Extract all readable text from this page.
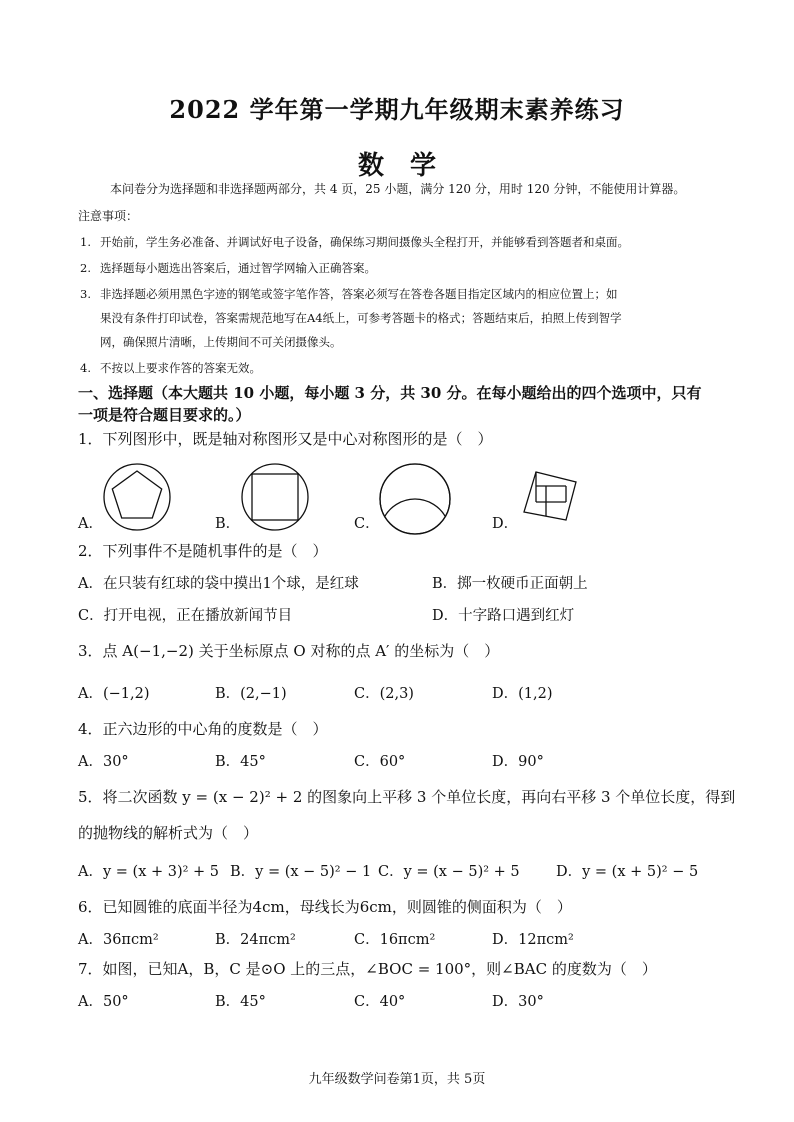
2022 学年第一学期九年级期末素养练习
数学
本问卷分为选择题和非选择题两部分，共 4 页，25 小题，满分 120 分，用时 120 分钟，不能使用计算器。
注意事项：
1. 开始前，学生务必准备、并调试好电子设备，确保练习期间摄像头全程打开，并能够看到答题者和桌面。
2. 选择题每小题选出答案后，通过智学网输入正确答案。
3. 非选择题必须用黑色字迹的钢笔或签字笔作答，答案必须写在答卷各题目指定区域内的相应位置上；如
果没有条件打印试卷，答案需规范地写在A4纸上，可参考答题卡的格式；答题结束后，拍照上传到智学
网，确保照片清晰，上传期间不可关闭摄像头。
4. 不按以上要求作答的答案无效。
一、选择题（本大题共 10 小题，每小题 3 分，共 30 分。在每小题给出的四个选项中，只有
一项是符合题目要求的。）
1．下列图形中，既是轴对称图形又是中心对称图形的是（　）
A．	B．	C．	D．
2．下列事件不是随机事件的是（　）
A．在只装有红球的袋中摸出1个球，是红球	B．掷一枚硬币正面朝上
C．打开电视，正在播放新闻节目	D．十字路口遇到红灯
3．点 A(−1,−2) 关于坐标原点 O 对称的点 A′ 的坐标为（　）
A．(−1,2)	B．(2,−1)	C．(2,3)	D．(1,2)
4．正六边形的中心角的度数是（　）
A．30°	B．45°	C．60°	D．90°
5．将二次函数 y = (x − 2)² + 2 的图象向上平移 3 个单位长度，再向右平移 3 个单位长度，得到
的抛物线的解析式为（　）
A．y = (x + 3)² + 5 B．y = (x − 5)² − 1 C．y = (x − 5)² + 5	D．y = (x + 5)² − 5
6．已知圆锥的底面半径为4cm，母线长为6cm，则圆锥的侧面积为（　）
A．36πcm²	B．24πcm²	C．16πcm²	D．12πcm²
7．如图，已知A，B，C 是⊙O 上的三点，∠BOC = 100°，则∠BAC 的度数为（　）
A．50°	B．45°	C．40°	D．30°
九年级数学问卷第1页，共 5页
